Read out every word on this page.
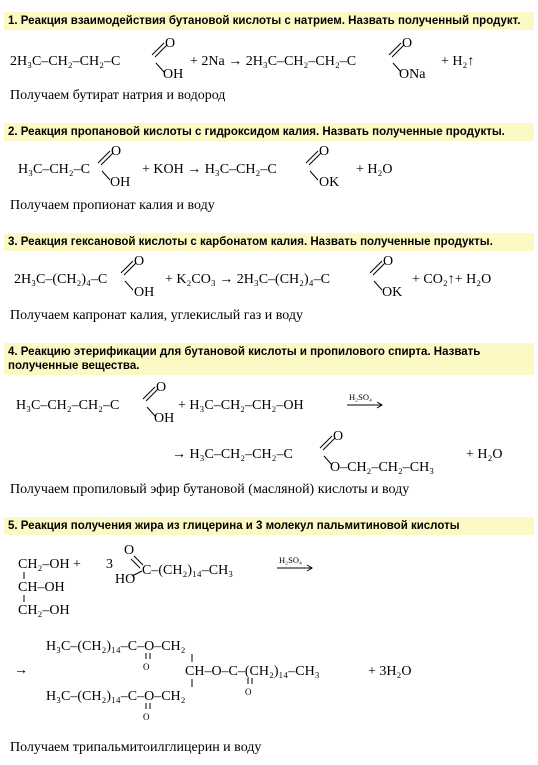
1. Реакция взаимодействия бутановой кислоты с натрием. Назвать полученный продукт.
2H₃C–CH₂–CH₂–C
O
OH
+ 2Na → 2H₃C–CH₂–CH₂–C
O
ONa
+ H₂↑
Получаем бутират натрия и водород
2. Реакция пропановой кислоты с гидроксидом калия. Назвать полученные продукты.
H₃C–CH₂–C
O
OH
+ KOH → H₃C–CH₂–C
O
OK
+ H₂O
Получаем пропионат калия и воду
3. Реакция гексановой кислоты с карбонатом калия. Назвать полученные продукты.
2H₃C–(CH₂)₄–C
O
OH
+ K₂CO₃ → 2H₃C–(CH₂)₄–C
O
OK
+ CO₂↑+ H₂O
Получаем капронат калия, углекислый газ и воду
4. Реакцию этерификации для бутановой кислоты и пропилового спирта. Назвать полученные вещества.
H₃C–CH₂–CH₂–C
O
OH
+ H₃C–CH₂–CH₂–OH
H₂SO₄
→ H₃C–CH₂–CH₂–C
O
O–CH₂–CH₂–CH₃
+ H₂O
Получаем пропиловый эфир бутановой (масляной) кислоты и воду
5. Реакция получения жира из глицерина и 3 молекул пальмитиновой кислоты
CH₂–OH +
CH–OH
CH₂–OH
3
O
HO
C–(CH₂)₁₄–CH₃
H₂SO₄
→
H₃C–(CH₂)₁₄–C–O–CH₂
O	CH–O–C–(CH₂)₁₄–CH₃
O
+ 3H₂O
H₃C–(CH₂)₁₄–C–O–CH₂
O
Получаем трипальмитоилглицерин и воду
